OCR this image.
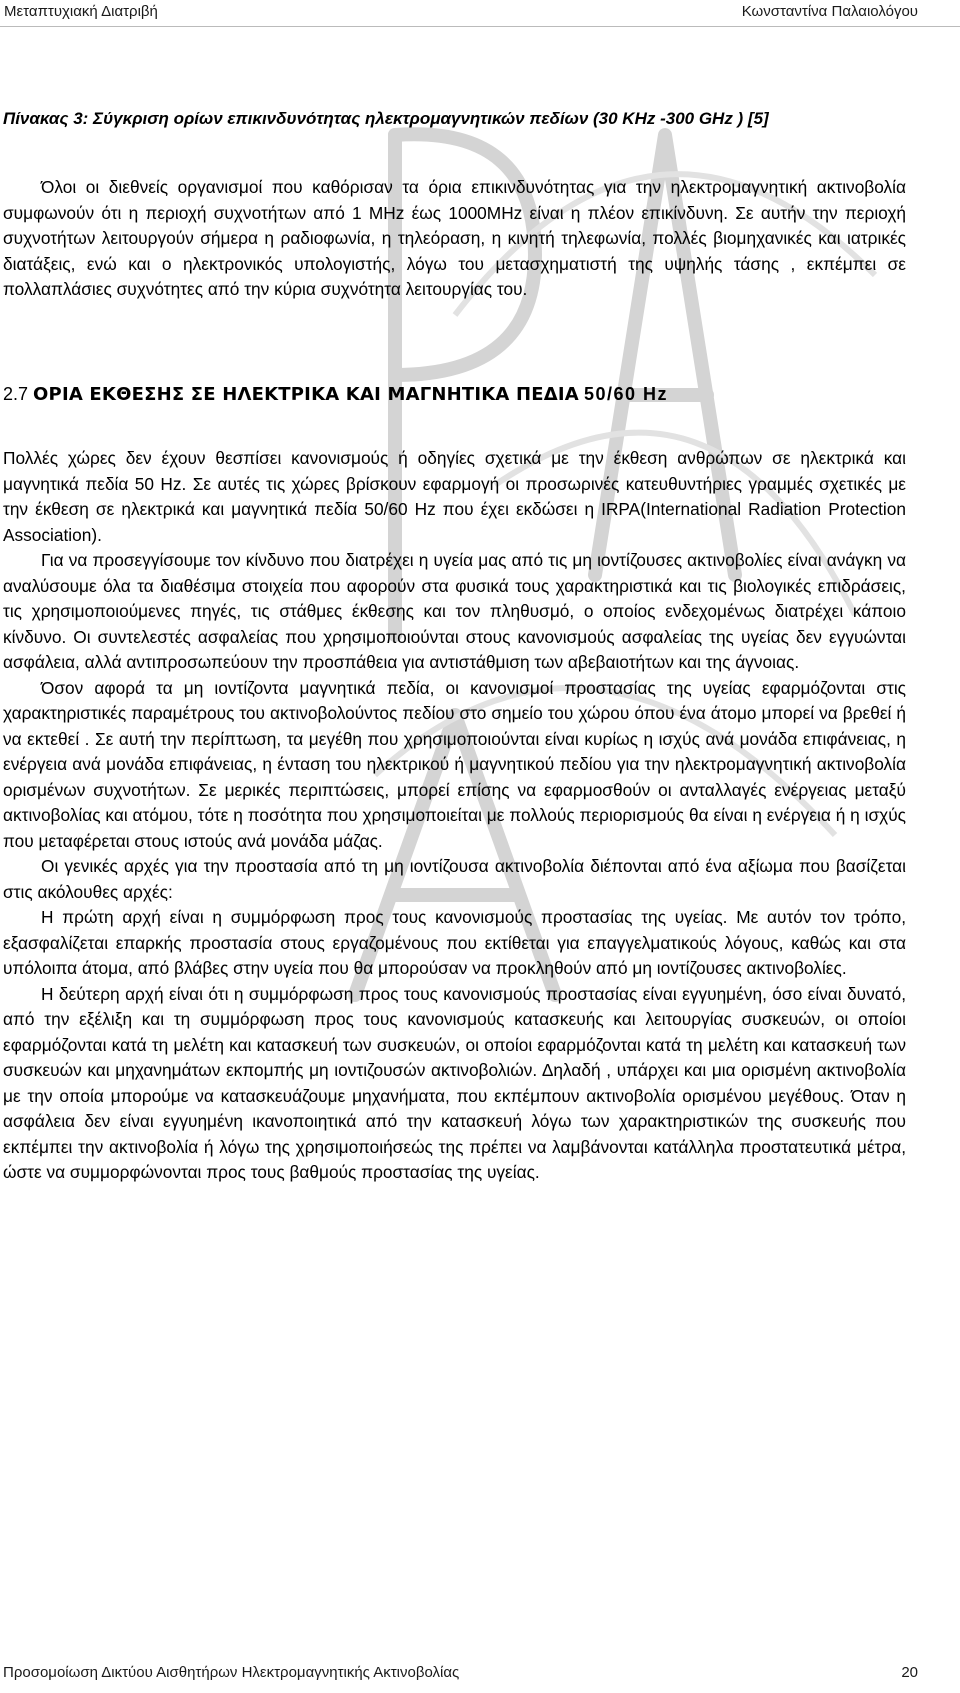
Μεταπτυχιακή Διατριβή	Κωνσταντίνα Παλαιολόγου
Πίνακας 3: Σύγκριση ορίων επικινδυνότητας ηλεκτρομαγνητικών πεδίων (30 KHz -300 GHz ) [5]

Όλοι οι διεθνείς οργανισμοί που καθόρισαν τα όρια επικινδυνότητας για την ηλεκτρομαγνητική ακτινοβολία συμφωνούν ότι η περιοχή συχνοτήτων από 1 MHz έως 1000MHz είναι η πλέον επικίνδυνη. Σε αυτήν την περιοχή συχνοτήτων λειτουργούν σήμερα η ραδιοφωνία, η τηλεόραση, η κινητή τηλεφωνία, πολλές βιομηχανικές και ιατρικές διατάξεις, ενώ και ο ηλεκτρονικός υπολογιστής, λόγω του μετασχηματιστή της υψηλής τάσης , εκπέμπει σε πολλαπλάσιες συχνότητες από την κύρια συχνότητα λειτουργίας του.

2.7 ΟΡΙΑ ΕΚΘΕΣΗΣ ΣΕ ΗΛΕΚΤΡΙΚΑ ΚΑΙ ΜΑΓΝΗΤΙΚΑ ΠΕΔΙΑ 50/60 Hz

Πολλές χώρες δεν έχουν θεσπίσει κανονισμούς ή οδηγίες σχετικά με την έκθεση ανθρώπων σε ηλεκτρικά και μαγνητικά πεδία 50 Hz. Σε αυτές τις χώρες βρίσκουν εφαρμογή οι προσωρινές κατευθυντήριες γραμμές σχετικές με την έκθεση σε ηλεκτρικά και μαγνητικά πεδία 50/60 Hz που έχει εκδώσει η IRPA(International Radiation Protection Association).

Για να προσεγγίσουμε τον κίνδυνο που διατρέχει η υγεία μας από τις μη ιοντίζουσες ακτινοβολίες είναι ανάγκη να αναλύσουμε όλα τα διαθέσιμα στοιχεία που αφορούν στα φυσικά τους χαρακτηριστικά και τις βιολογικές επιδράσεις, τις χρησιμοποιούμενες πηγές, τις στάθμες έκθεσης και τον πληθυσμό, ο οποίος ενδεχομένως διατρέχει κάποιο κίνδυνο. Οι συντελεστές ασφαλείας που χρησιμοποιούνται στους κανονισμούς ασφαλείας της υγείας δεν εγγυώνται ασφάλεια, αλλά αντιπροσωπεύουν την προσπάθεια για αντιστάθμιση των αβεβαιοτήτων και της άγνοιας.

Όσον αφορά τα μη ιοντίζοντα μαγνητικά πεδία, οι κανονισμοί προστασίας της υγείας εφαρμόζονται στις χαρακτηριστικές παραμέτρους του ακτινοβολούντος πεδίου στο σημείο του χώρου όπου ένα άτομο μπορεί να βρεθεί ή να εκτεθεί . Σε αυτή την περίπτωση, τα μεγέθη που χρησιμοποιούνται είναι κυρίως η ισχύς ανά μονάδα επιφάνειας, η ενέργεια ανά μονάδα επιφάνειας, η ένταση του ηλεκτρικού ή μαγνητικού πεδίου για την ηλεκτρομαγνητική ακτινοβολία ορισμένων συχνοτήτων. Σε μερικές περιπτώσεις, μπορεί επίσης να εφαρμοσθούν οι ανταλλαγές ενέργειας μεταξύ ακτινοβολίας και ατόμου, τότε η ποσότητα που χρησιμοποιείται με πολλούς περιορισμούς θα είναι η ενέργεια ή η ισχύς που μεταφέρεται στους ιστούς ανά μονάδα μάζας.

Οι γενικές αρχές για την προστασία από τη μη ιοντίζουσα ακτινοβολία διέπονται από ένα αξίωμα που βασίζεται στις ακόλουθες αρχές:

Η πρώτη αρχή είναι η συμμόρφωση προς τους κανονισμούς προστασίας της υγείας. Με αυτόν τον τρόπο, εξασφαλίζεται επαρκής προστασία στους εργαζομένους που εκτίθεται για επαγγελματικούς λόγους, καθώς και στα υπόλοιπα άτομα, από βλάβες στην υγεία που θα μπορούσαν να προκληθούν από μη ιοντίζουσες ακτινοβολίες.

Η δεύτερη αρχή είναι ότι η συμμόρφωση προς τους κανονισμούς προστασίας είναι εγγυημένη, όσο είναι δυνατό, από την εξέλιξη και τη συμμόρφωση προς τους κανονισμούς κατασκευής και λειτουργίας συσκευών, οι οποίοι εφαρμόζονται κατά τη μελέτη και κατασκευή των συσκευών, οι οποίοι εφαρμόζονται κατά τη μελέτη και κατασκευή των συσκευών και μηχανημάτων εκπομπής μη ιοντιζουσών ακτινοβολιών. Δηλαδή , υπάρχει και μια ορισμένη ακτινοβολία με την οποία μπορούμε να κατασκευάζουμε μηχανήματα, που εκπέμπουν ακτινοβολία ορισμένου μεγέθους. Όταν η ασφάλεια δεν είναι εγγυημένη ικανοποιητικά από την κατασκευή λόγω των χαρακτηριστικών της συσκευής που εκπέμπει την ακτινοβολία ή λόγω της χρησιμοποιήσεώς της πρέπει να λαμβάνονται κατάλληλα προστατευτικά μέτρα, ώστε να συμμορφώνονται προς τους βαθμούς προστασίας της υγείας.

Προσομοίωση Δικτύου Αισθητήρων Ηλεκτρομαγνητικής Ακτινοβολίας	20
